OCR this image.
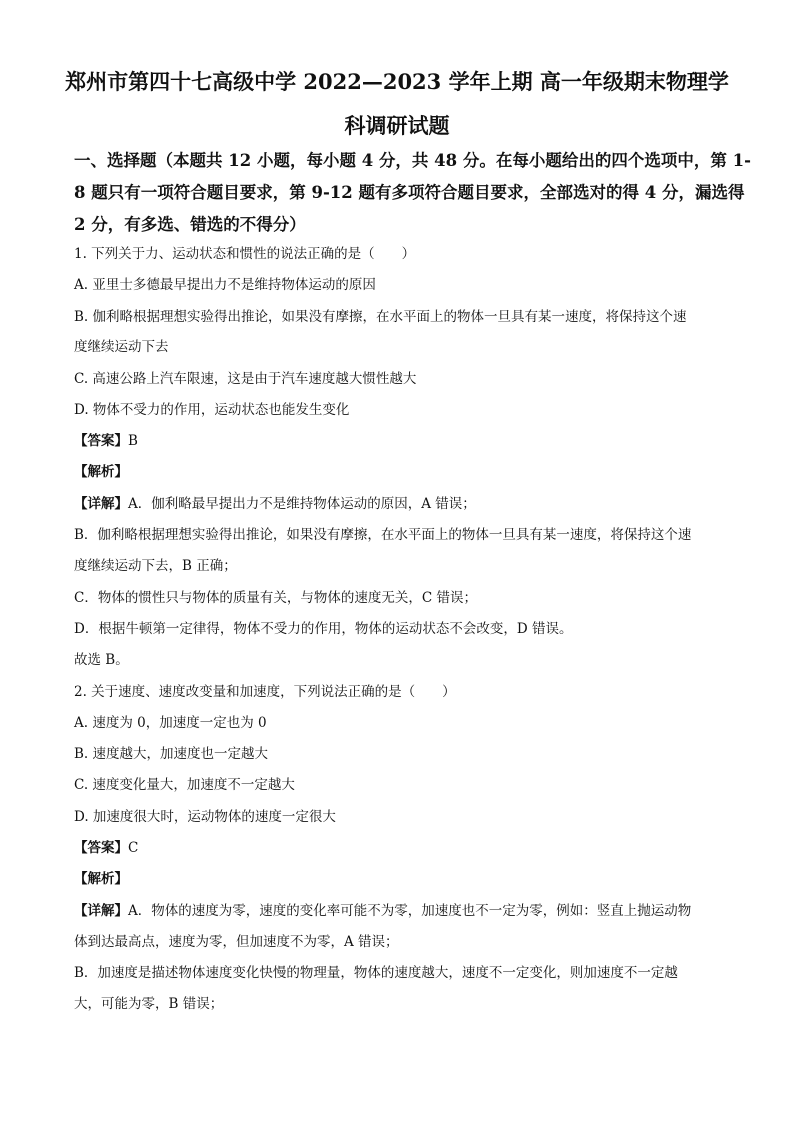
郑州市第四十七高级中学 2022—2023 学年上期 高一年级期末物理学
科调研试题
一、选择题（本题共 12 小题，每小题 4 分，共 48 分。在每小题给出的四个选项中，第 1-
8 题只有一项符合题目要求，第 9-12 题有多项符合题目要求，全部选对的得 4 分，漏选得
2 分，有多选、错选的不得分）
1. 下列关于力、运动状态和惯性的说法正确的是（　　）
A. 亚里士多德最早提出力不是维持物体运动的原因
B. 伽利略根据理想实验得出推论，如果没有摩擦，在水平面上的物体一旦具有某一速度，将保持这个速
度继续运动下去
C. 高速公路上汽车限速，这是由于汽车速度越大惯性越大
D. 物体不受力的作用，运动状态也能发生变化
【答案】B
【解析】
【详解】A．伽利略最早提出力不是维持物体运动的原因，A 错误；
B．伽利略根据理想实验得出推论，如果没有摩擦，在水平面上的物体一旦具有某一速度，将保持这个速
度继续运动下去，B 正确；
C．物体的惯性只与物体的质量有关，与物体的速度无关，C 错误；
D．根据牛顿第一定律得，物体不受力的作用，物体的运动状态不会改变，D 错误。
故选 B。
2. 关于速度、速度改变量和加速度，下列说法正确的是（　　）
A. 速度为 0，加速度一定也为 0
B. 速度越大，加速度也一定越大
C. 速度变化量大，加速度不一定越大
D. 加速度很大时，运动物体的速度一定很大
【答案】C
【解析】
【详解】A．物体的速度为零，速度的变化率可能不为零，加速度也不一定为零，例如：竖直上抛运动物
体到达最高点，速度为零，但加速度不为零，A 错误；
B．加速度是描述物体速度变化快慢的物理量，物体的速度越大，速度不一定变化，则加速度不一定越
大，可能为零，B 错误；
